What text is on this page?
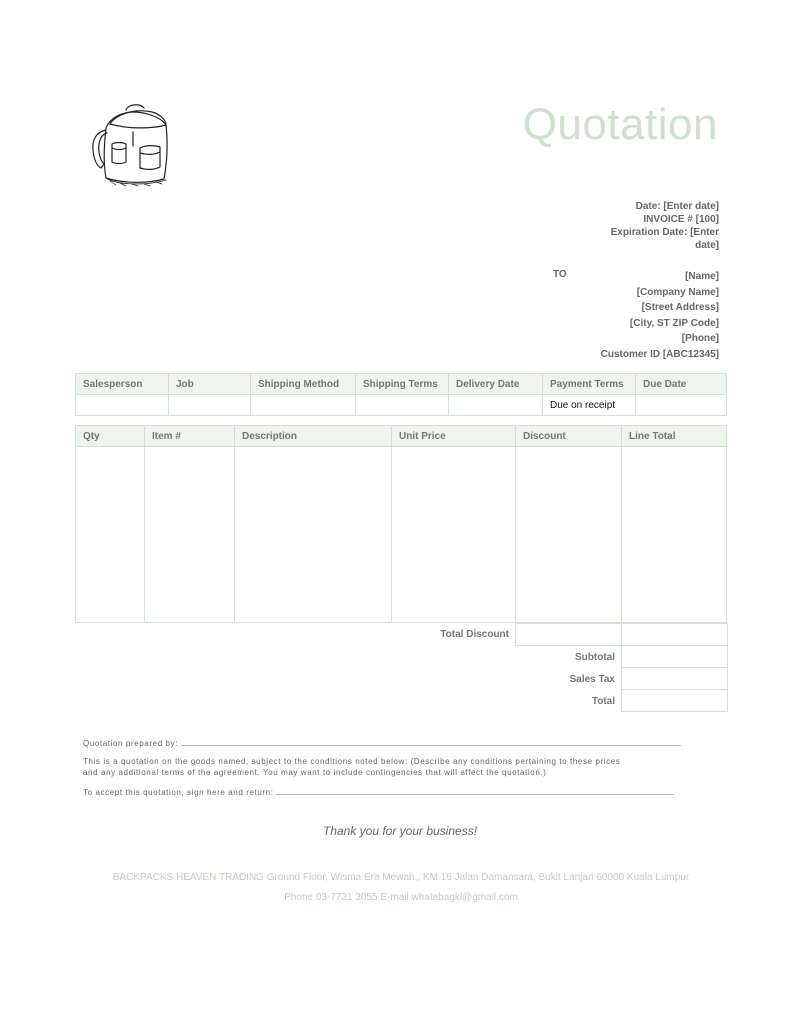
Quotation
Date: [Enter date]
INVOICE # [100]
Expiration Date: [Enter
date]
TO	[Name]
[Company Name]
[Street Address]
[City, ST ZIP Code]
[Phone]
Customer ID [ABC12345]
Salesperson	Job	Shipping Method	Shipping Terms	Delivery Date	Payment Terms	Due Date
					Due on receipt	
Qty	Item #	Description	Unit Price	Discount	Line Total

Total Discount
Subtotal
Sales Tax
Total
Quotation prepared by:
This is a quotation on the goods named, subject to the conditions noted below: (Describe any conditions pertaining to these prices
and any additional terms of the agreement. You may want to include contingencies that will affect the quotation.)
To accept this quotation, sign here and return:
Thank you for your business!
BACKPACKS HEAVEN TRADING Ground Floor, Wisma Era Mewah,, KM 16 Jalan Damansara, Bukit Lanjan 60000 Kuala Lumpur
Phone 03-7731 3055 E-mail whatabagkl@gmail.com
